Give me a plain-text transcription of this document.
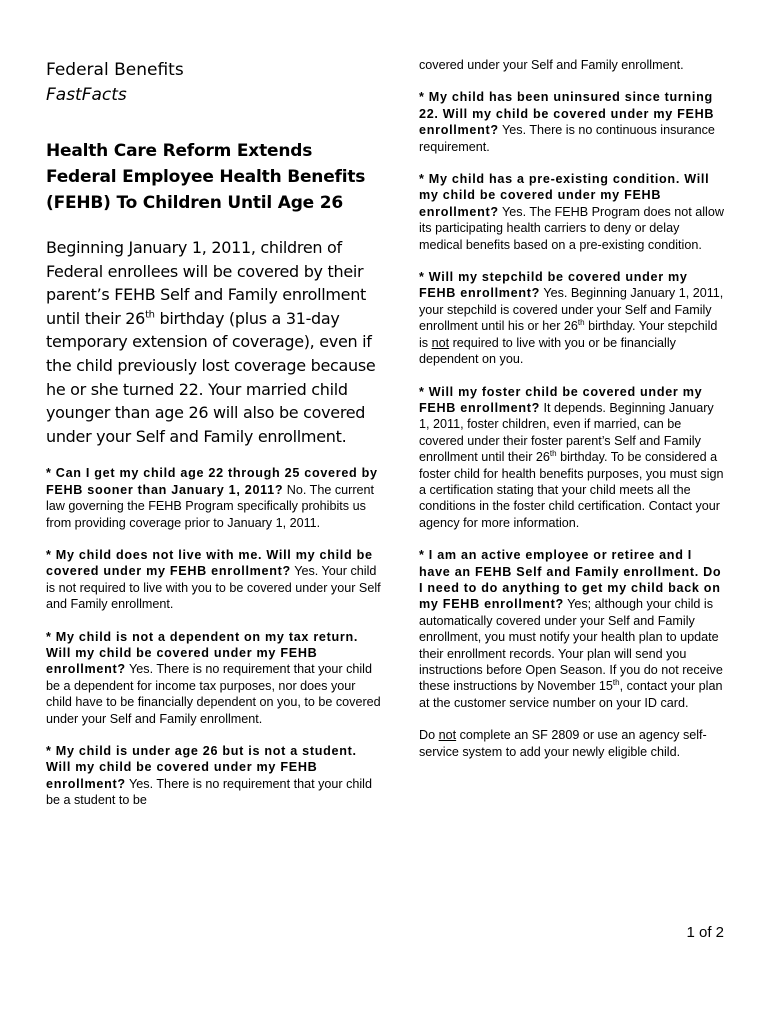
Federal Benefits

FastFacts

Health Care Reform Extends Federal Employee Health Benefits (FEHB) To Children Until Age 26

Beginning January 1, 2011, children of Federal enrollees will be covered by their parent’s FEHB Self and Family enrollment until their 26th birthday (plus a 31-day temporary extension of coverage), even if the child previously lost coverage because he or she turned 22. Your married child younger than age 26 will also be covered under your Self and Family enrollment.

* Can I get my child age 22 through 25 covered by FEHB sooner than January 1, 2011? No. The current law governing the FEHB Program specifically prohibits us from providing coverage prior to January 1, 2011.

* My child does not live with me. Will my child be covered under my FEHB enrollment? Yes. Your child is not required to live with you to be covered under your Self and Family enrollment.

* My child is not a dependent on my tax return. Will my child be covered under my FEHB enrollment? Yes. There is no requirement that your child be a dependent for income tax purposes, nor does your child have to be financially dependent on you, to be covered under your Self and Family enrollment.

* My child is under age 26 but is not a student. Will my child be covered under my FEHB enrollment? Yes. There is no requirement that your child be a student to be

covered under your Self and Family enrollment.

* My child has been uninsured since turning 22. Will my child be covered under my FEHB enrollment? Yes. There is no continuous insurance requirement.

* My child has a pre-existing condition. Will my child be covered under my FEHB enrollment? Yes. The FEHB Program does not allow its participating health carriers to deny or delay medical benefits based on a pre-existing condition.

* Will my stepchild be covered under my FEHB enrollment? Yes. Beginning January 1, 2011, your stepchild is covered under your Self and Family enrollment until his or her 26th birthday. Your stepchild is not required to live with you or be financially dependent on you.

* Will my foster child be covered under my FEHB enrollment? It depends. Beginning January 1, 2011, foster children, even if married, can be covered under their foster parent’s Self and Family enrollment until their 26th birthday. To be considered a foster child for health benefits purposes, you must sign a certification stating that your child meets all the conditions in the foster child certification. Contact your agency for more information.

* I am an active employee or retiree and I have an FEHB Self and Family enrollment. Do I need to do anything to get my child back on my FEHB enrollment? Yes; although your child is automatically covered under your Self and Family enrollment, you must notify your health plan to update their enrollment records. Your plan will send you instructions before Open Season. If you do not receive these instructions by November 15th, contact your plan at the customer service number on your ID card.

Do not complete an SF 2809 or use an agency self-service system to add your newly eligible child.

1 of 2
